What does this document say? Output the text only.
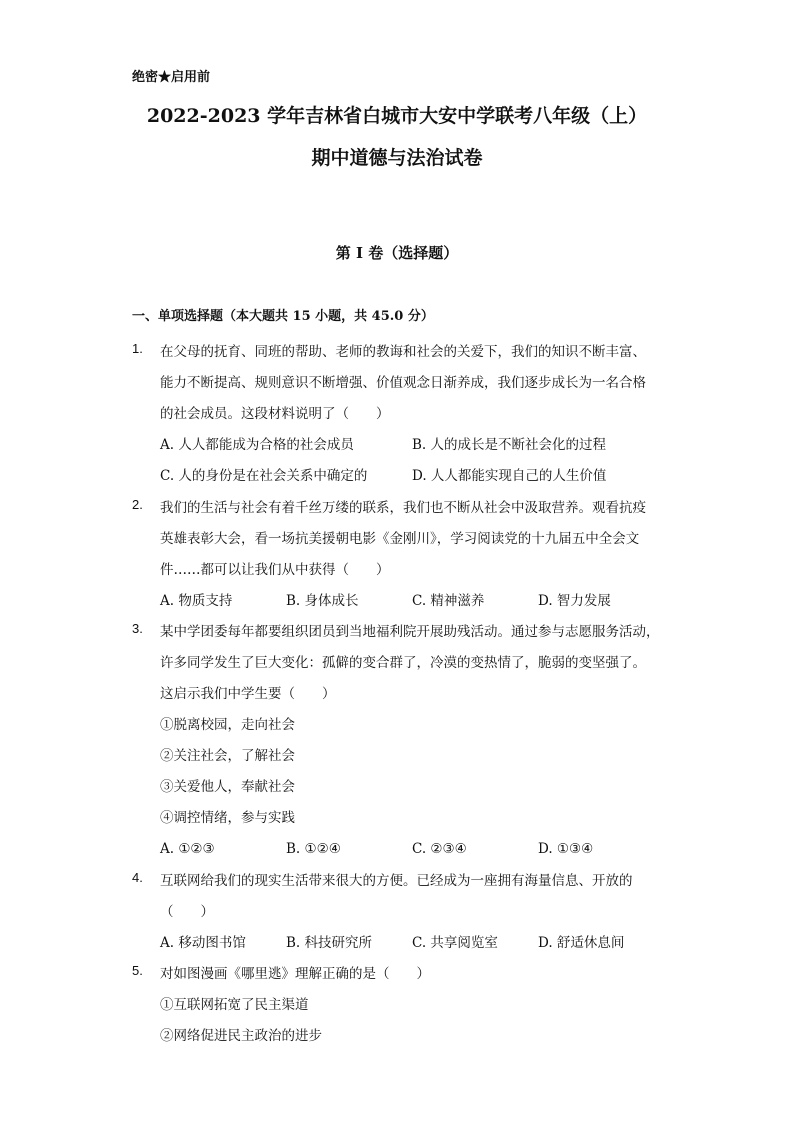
绝密★启用前
2022-2023 学年吉林省白城市大安中学联考八年级（上）
期中道德与法治试卷
第 I 卷（选择题）
一、单项选择题（本大题共 15 小题，共 45.0 分）
1. 在父母的抚育、同班的帮助、老师的教诲和社会的关爱下，我们的知识不断丰富、
能力不断提高、规则意识不断增强、价值观念日渐养成，我们逐步成长为一名合格
的社会成员。这段材料说明了（　　）
A. 人人都能成为合格的社会成员	B. 人的成长是不断社会化的过程
C. 人的身份是在社会关系中确定的	D. 人人都能实现自己的人生价值
2. 我们的生活与社会有着千丝万缕的联系，我们也不断从社会中汲取营养。观看抗疫
英雄表彰大会，看一场抗美援朝电影《金刚川》，学习阅读党的十九届五中全会文
件……都可以让我们从中获得（　　）
A. 物质支持	B. 身体成长	C. 精神滋养	D. 智力发展
3. 某中学团委每年都要组织团员到当地福利院开展助残活动。通过参与志愿服务活动，
许多同学发生了巨大变化：孤僻的变合群了，冷漠的变热情了，脆弱的变坚强了。
这启示我们中学生要（　　）
①脱离校园，走向社会
②关注社会，了解社会
③关爱他人，奉献社会
④调控情绪，参与实践
A. ①②③	B. ①②④	C. ②③④	D. ①③④
4. 互联网给我们的现实生活带来很大的方便。已经成为一座拥有海量信息、开放的
（　　）
A. 移动图书馆	B. 科技研究所	C. 共享阅览室	D. 舒适休息间
5. 对如图漫画《哪里逃》理解正确的是（　　）
①互联网拓宽了民主渠道
②网络促进民主政治的进步
